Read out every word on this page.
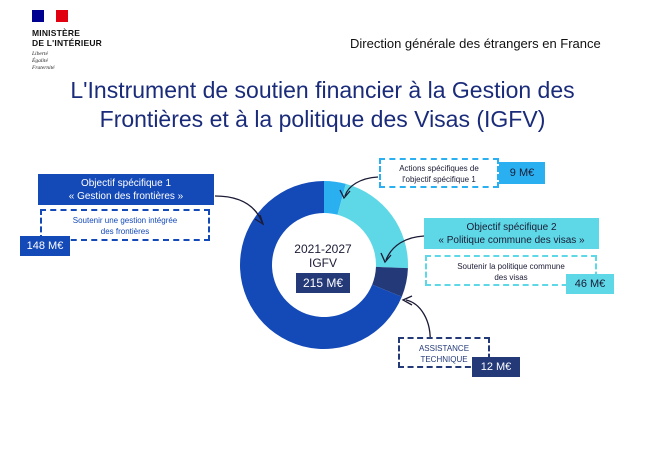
MINISTÈRE
DE L'INTÉRIEUR
Liberté
Égalité
Fraternité
Direction générale des étrangers en France
L'Instrument de soutien financier à la Gestion des
Frontières et à la politique des Visas (IGFV)
2021-2027
IGFV
215 M€
Objectif spécifique 1
« Gestion des frontières »
Soutenir une gestion intégrée
des frontières
148 M€
Actions spécifiques de
l'objectif spécifique 1
9 M€
Objectif spécifique 2
« Politique commune des visas »
Soutenir la politique commune
des visas
46 M€
ASSISTANCE
TECHNIQUE
12 M€
